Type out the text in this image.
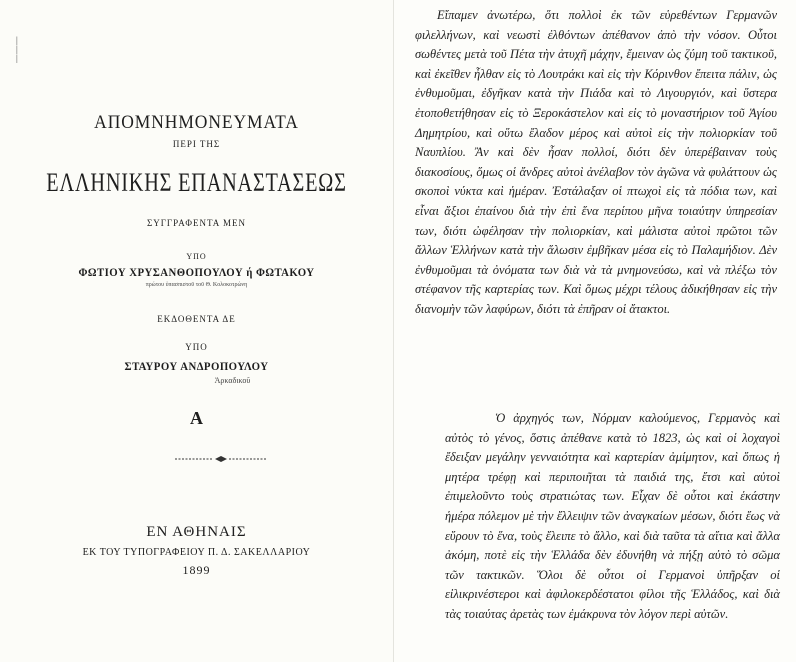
|
|
|
ΑΠΟΜΝΗΜΟΝΕΥΜΑΤΑ
ΠΕΡΙ ΤΗΣ
ΕΛΛΗΝΙΚΗΣ ΕΠΑΝΑΣΤΑΣΕΩΣ
ΣΥΓΓΡΑΦΕΝΤΑ ΜΕΝ
ΥΠΟ
ΦΩΤΙΟΥ ΧΡΥΣΑΝΘΟΠΟΥΛΟΥ ή ΦΩΤΑΚΟΥ
πρώτου ὑπασπιστοῦ τοῦ Θ. Κολοκοτρώνη
ΕΚΔΟΘΕΝΤΑ ΔΕ
ΥΠΟ
ΣΤΑΥΡΟΥ ΑΝΔΡΟΠΟΥΛΟΥ
Ἀρκαδικοῦ
Α
ΕΝ ΑΘΗΝΑΙΣ
ΕΚ ΤΟΥ ΤΥΠΟΓΡΑΦΕΙΟΥ Π. Δ. ΣΑΚΕΛΛΑΡΙΟΥ
1899
Εἴπαμεν ἀνωτέρω, ὅτι πολλοὶ ἐκ τῶν εὑρεθέντων Γερμανῶν φιλελλήνων, καὶ νεωστὶ ἐλθόντων ἀπέθανον ἀπὸ τὴν νόσον. Οὗτοι σωθέντες μετὰ τοῦ Πέτα τὴν ἀτυχῆ μάχην, ἔμειναν ὡς ζύμη τοῦ τακτικοῦ, καὶ ἐκεῖθεν ἦλθαν εἰς τὸ Λουτράκι καὶ εἰς τὴν Κόρινθον ἔπειτα πάλιν, ὡς ἐνθυμοῦμαι, ἐδγῆκαν κατὰ τὴν Πιάδα καὶ τὸ Λιγουργιόν, καὶ ὕστερα ἐτοποθετήθησαν εἰς τὸ Ξεροκάστελον καὶ εἰς τὸ μοναστήριον τοῦ Ἁγίου Δημητρίου, καὶ οὕτω ἔλαδον μέρος καὶ αὐτοὶ εἰς τὴν πολιορκίαν τοῦ Ναυπλίου. Ἂν καὶ δὲν ἦσαν πολλοί, διότι δὲν ὑπερέβαιναν τοὺς διακοσίους, ὅμως οἱ ἄνδρες αὐτοὶ ἀνέλαβον τὸν ἀγῶνα νὰ φυλάττουν ὡς σκοποὶ νύκτα καὶ ἡμέραν. Ἐστάλαξαν οἱ πτωχοὶ εἰς τὰ πόδια των, καὶ εἶναι ἄξιοι ἐπαίνου διὰ τὴν ἐπὶ ἕνα περίπου μῆνα τοιαύτην ὑπηρεσίαν των, διότι ὠφέλησαν τὴν πολιορκίαν, καὶ μάλιστα αὐτοὶ πρῶτοι τῶν ἄλλων Ἑλλήνων κατὰ τὴν ἅλωσιν ἐμβῆκαν μέσα εἰς τὸ Παλαμήδιον. Δὲν ἐνθυμοῦμαι τὰ ὀνόματα των διὰ νὰ τὰ μνημονεύσω, καὶ νὰ πλέξω τὸν στέφανον τῆς καρτερίας των. Καὶ ὅμως μέχρι τέλους ἀδικήθησαν εἰς τὴν διανομὴν τῶν λαφύρων, διότι τὰ ἐπῆραν οἱ ἄτακτοι.
Ὁ ἀρχηγός των, Νόρμαν καλούμενος, Γερμανὸς καὶ αὐτὸς τὸ γένος, ὅστις ἀπέθανε κατὰ τὸ 1823, ὡς καὶ οἱ λοχαγοὶ ἔδειξαν μεγάλην γενναιότητα καὶ καρτερίαν ἀμίμητον, καὶ ὅπως ἡ μητέρα τρέφῃ καὶ περιποιῆται τὰ παιδιά της, ἔτσι καὶ αὐτοὶ ἐπιμελοῦντο τοὺς στρατιώτας των. Εἶχαν δὲ οὗτοι καὶ ἑκάστην ἡμέρα πόλεμον μὲ τὴν ἔλλειψιν τῶν ἀναγκαίων μέσων, διότι ἕως νὰ εὕρουν τὸ ἕνα, τοὺς ἔλειπε τὸ ἄλλο, καὶ διὰ ταῦτα τὰ αἴτια καὶ ἄλλα ἀκόμη, ποτὲ εἰς τὴν Ἑλλάδα δὲν ἐδυνήθη νὰ πήξῃ αὐτὸ τὸ σῶμα τῶν τακτικῶν. Ὅλοι δὲ οὗτοι οἱ Γερμανοὶ ὑπῆρξαν οἱ εἰλικρινέστεροι καὶ ἀφιλοκερδέστατοι φίλοι τῆς Ἑλλάδος, καὶ διὰ τὰς τοιαύτας ἀρετὰς των ἐμάκρυνα τὸν λόγον περὶ αὐτῶν.
